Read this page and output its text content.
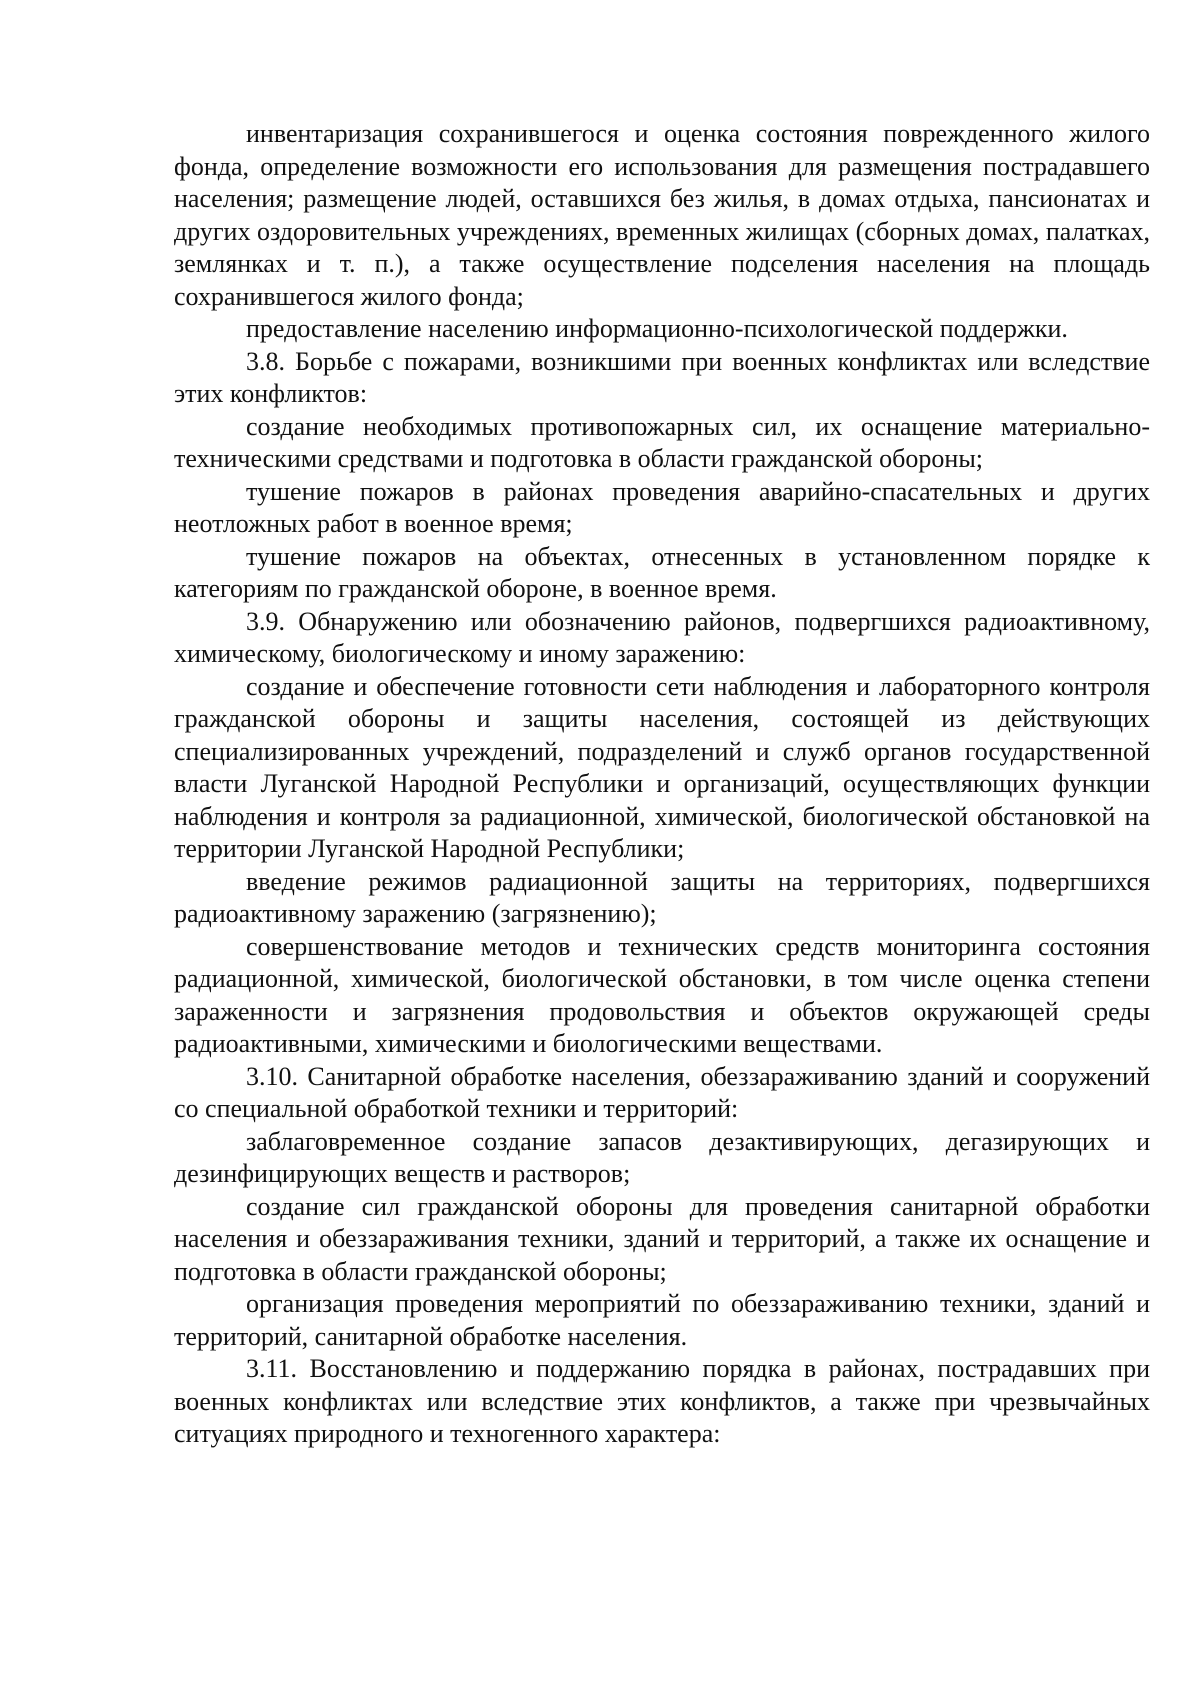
инвентаризация сохранившегося и оценка состояния поврежденного жилого фонда, определение возможности его использования для размещения пострадавшего населения; размещение людей, оставшихся без жилья, в домах отдыха, пансионатах и других оздоровительных учреждениях, временных жилищах (сборных домах, палатках, землянках и т. п.), а также осуществление подселения населения на площадь сохранившегося жилого фонда;

предоставление населению информационно-психологической поддержки.

3.8. Борьбе с пожарами, возникшими при военных конфликтах или вследствие этих конфликтов:

создание необходимых противопожарных сил, их оснащение материально-техническими средствами и подготовка в области гражданской обороны;

тушение пожаров в районах проведения аварийно-спасательных и других неотложных работ в военное время;

тушение пожаров на объектах, отнесенных в установленном порядке к категориям по гражданской обороне, в военное время.

3.9. Обнаружению или обозначению районов, подвергшихся радиоактивному, химическому, биологическому и иному заражению:

создание и обеспечение готовности сети наблюдения и лабораторного контроля гражданской обороны и защиты населения, состоящей из действующих специализированных учреждений, подразделений и служб органов государственной власти Луганской Народной Республики и организаций, осуществляющих функции наблюдения и контроля за радиационной, химической, биологической обстановкой на территории Луганской Народной Республики;

введение режимов радиационной защиты на территориях, подвергшихся радиоактивному заражению (загрязнению);

совершенствование методов и технических средств мониторинга состояния радиационной, химической, биологической обстановки, в том числе оценка степени зараженности и загрязнения продовольствия и объектов окружающей среды радиоактивными, химическими и биологическими веществами.

3.10. Санитарной обработке населения, обеззараживанию зданий и сооружений со специальной обработкой техники и территорий:

заблаговременное создание запасов дезактивирующих, дегазирующих и дезинфицирующих веществ и растворов;

создание сил гражданской обороны для проведения санитарной обработки населения и обеззараживания техники, зданий и территорий, а также их оснащение и подготовка в области гражданской обороны;

организация проведения мероприятий по обеззараживанию техники, зданий и территорий, санитарной обработке населения.

3.11. Восстановлению и поддержанию порядка в районах, пострадавших при военных конфликтах или вследствие этих конфликтов, а также при чрезвычайных ситуациях природного и техногенного характера:
